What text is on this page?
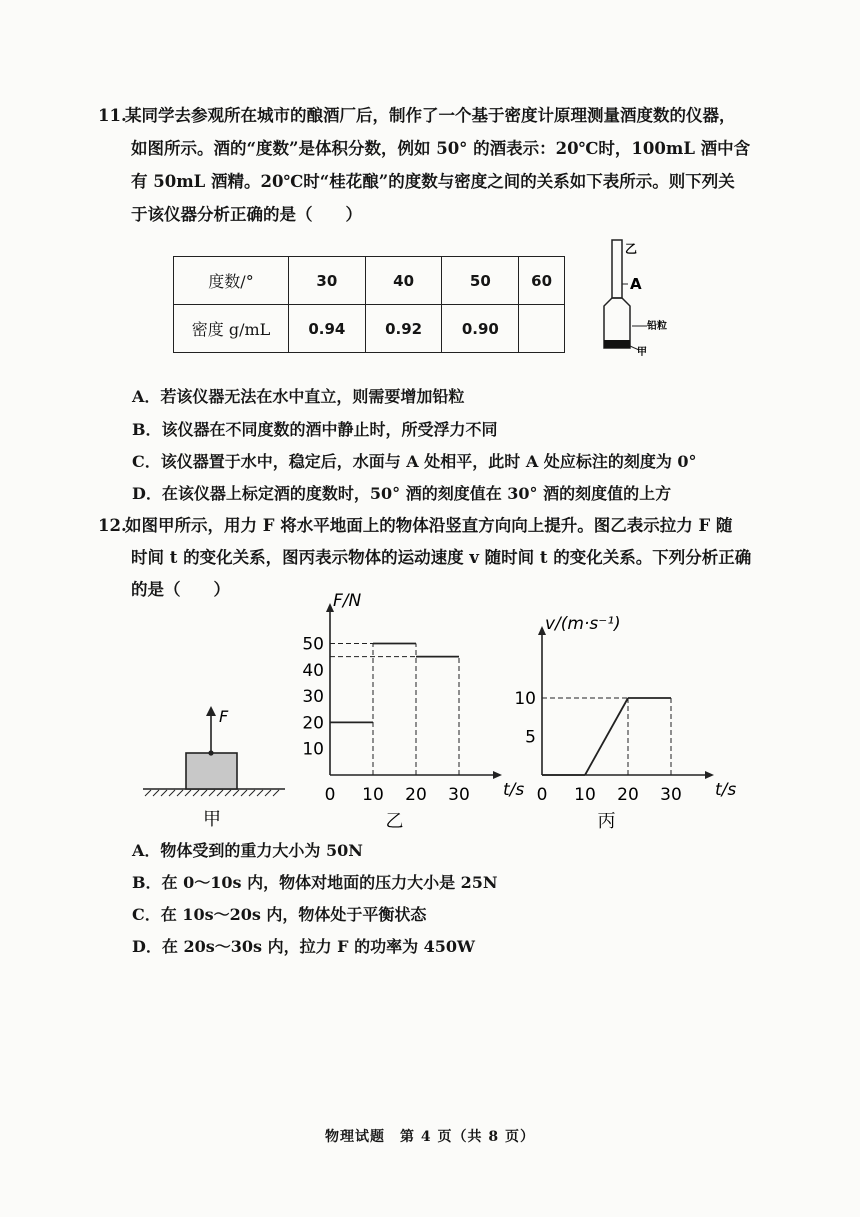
11.
某同学去参观所在城市的酿酒厂后，制作了一个基于密度计原理测量酒度数的仪器，
如图所示。酒的“度数”是体积分数，例如 50° 的酒表示：20℃时，100mL 酒中含
有 50mL 酒精。20℃时“桂花酿”的度数与密度之间的关系如下表所示。则下列关
于该仪器分析正确的是（　　）
度数/°	30	40	50	60
密度 g/mL	0.94	0.92	0.90	
乙
A
铅粒
甲
A．若该仪器无法在水中直立，则需要增加铅粒
B．该仪器在不同度数的酒中静止时，所受浮力不同
C．该仪器置于水中，稳定后，水面与 A 处相平，此时 A 处应标注的刻度为 0°
D．在该仪器上标定酒的度数时，50° 酒的刻度值在 30° 酒的刻度值的上方
12.
如图甲所示，用力 F 将水平地面上的物体沿竖直方向向上提升。图乙表示拉力 F 随
时间 t 的变化关系，图丙表示物体的运动速度 v 随时间 t 的变化关系。下列分析正确
的是（　　）
F
甲
t/s
F/N
0 10 20 30
10
20
30
40
50
乙
t/s
v/(m·s⁻¹)
0 10 20 30
5
10
丙
A．物体受到的重力大小为 50N
B．在 0～10s 内，物体对地面的压力大小是 25N
C．在 10s～20s 内，物体处于平衡状态
D．在 20s～30s 内，拉力 F 的功率为 450W
物理试题　第 4 页（共 8 页）
